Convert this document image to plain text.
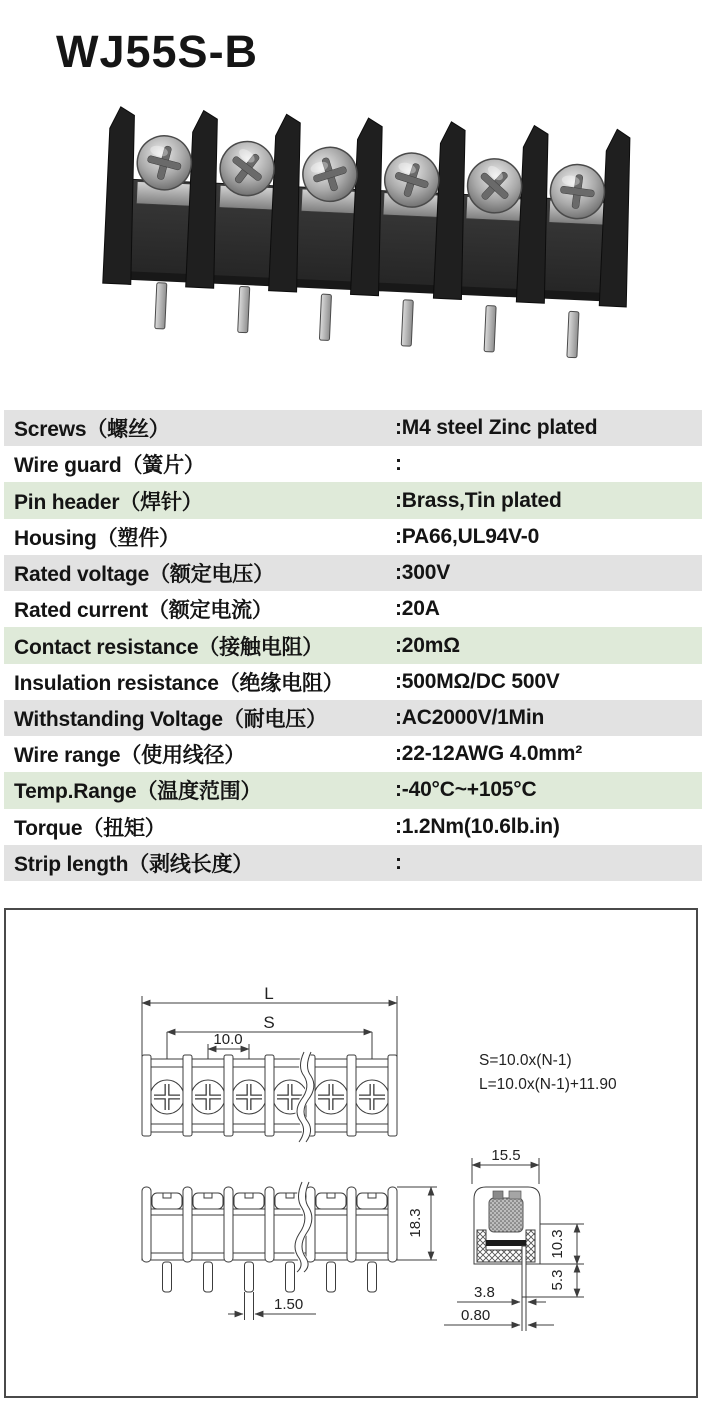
WJ55S-B
Screws（螺丝）	:M4 steel Zinc plated
Wire guard（簧片）	:
Pin header（焊针）	:Brass,Tin plated
Housing（塑件）	:PA66,UL94V-0
Rated voltage（额定电压）	:300V
Rated current（额定电流）	:20A
Contact resistance（接触电阻）	:20mΩ
Insulation resistance（绝缘电阻）	:500MΩ/DC 500V
Withstanding Voltage（耐电压）	:AC2000V/1Min
Wire range（使用线径）	:22-12AWG 4.0mm²
Temp.Range（温度范围）	:-40°C~+105°C
Torque（扭矩）	:1.2Nm(10.6lb.in)
Strip length（剥线长度）	:
L
S
10.0
S=10.0x(N-1)
L=10.0x(N-1)+11.90
18.3
1.50
15.5
10.3
5.3
3.8
0.80
